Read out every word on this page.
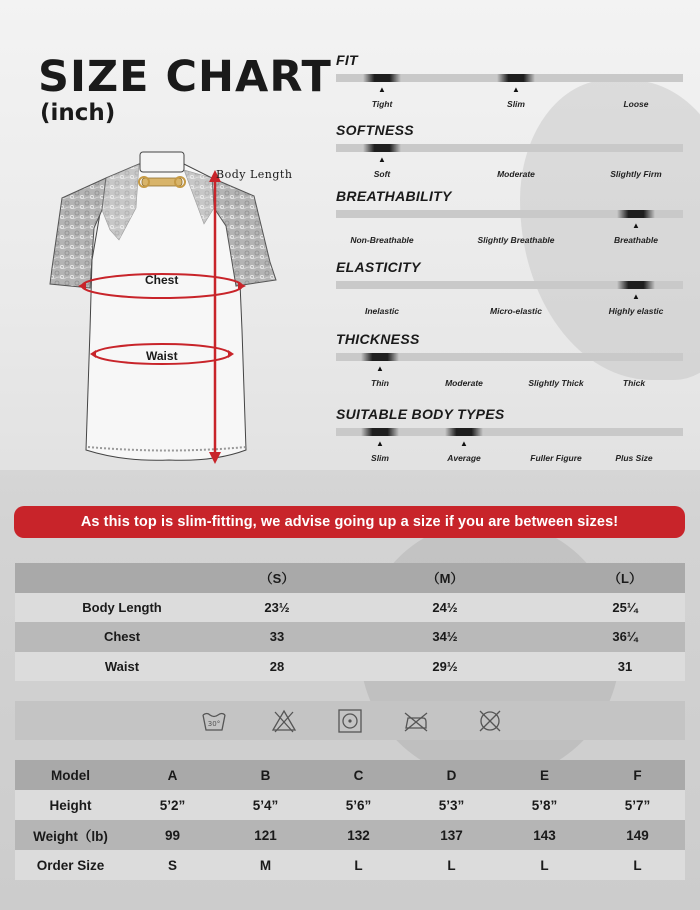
SIZE CHART
(inch)
Body Length
Chest
Waist
FIT
▲	▲
Tight	Slim	Loose
SOFTNESS
▲
Soft	Moderate	Slightly Firm
BREATHABILITY
▲
Non-Breathable	Slightly Breathable	Breathable
ELASTICITY
▲
Inelastic	Micro-elastic	Highly elastic
THICKNESS
▲
Thin	Moderate	Slightly Thick	Thick
SUITABLE BODY TYPES
▲	▲
Slim	Average	Fuller Figure	Plus Size
As this top is slim-fitting, we advise going up a size if you are between sizes!
（S）	（M）	（L）
Body Length	23½	24½	25¼
Chest	33	34½	36¼
Waist	28	29½	31
30°
Model	A	B	C	D	E	F
Height	5’2”	5’4”	5’6”	5’3”	5’8”	5’7”
Weight（lb)	99	121	132	137	143	149
Order Size	S	M	L	L	L	L
